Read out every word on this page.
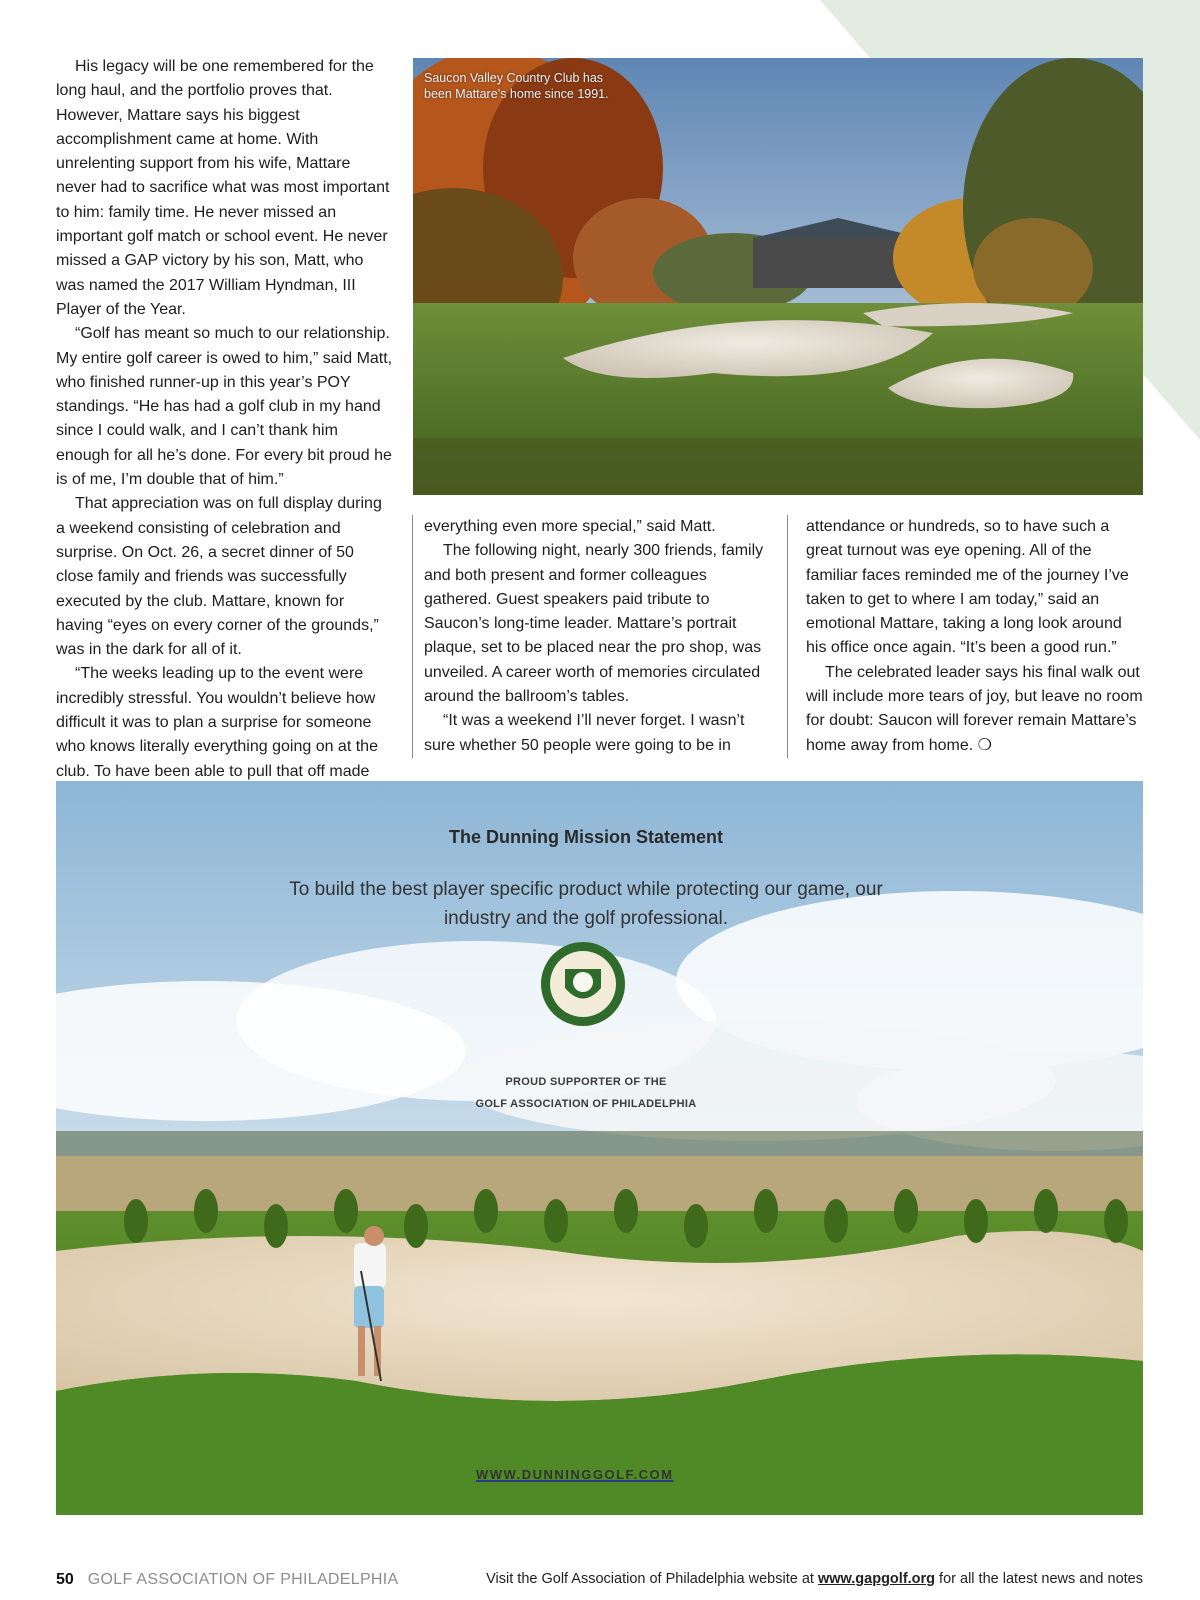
His legacy will be one remembered for the long haul, and the portfolio proves that. However, Mattare says his biggest accomplishment came at home. With unrelenting support from his wife, Mattare never had to sacrifice what was most important to him: family time. He never missed an important golf match or school event. He never missed a GAP victory by his son, Matt, who was named the 2017 William Hyndman, III Player of the Year.

“Golf has meant so much to our relationship. My entire golf career is owed to him,” said Matt, who finished runner-up in this year’s POY standings. “He has had a golf club in my hand since I could walk, and I can’t thank him enough for all he’s done. For every bit proud he is of me, I’m double that of him.”

That appreciation was on full display during a weekend consisting of celebration and surprise. On Oct. 26, a secret dinner of 50 close family and friends was successfully executed by the club. Mattare, known for having “eyes on every corner of the grounds,” was in the dark for all of it.

“The weeks leading up to the event were incredibly stressful. You wouldn’t believe how difficult it was to plan a surprise for someone who knows literally everything going on at the club. To have been able to pull that off made

Saucon Valley Country Club has been Mattare’s home since 1991.

everything even more special,” said Matt.

The following night, nearly 300 friends, family and both present and former colleagues gathered. Guest speakers paid tribute to Saucon’s long-time leader. Mattare’s portrait plaque, set to be placed near the pro shop, was unveiled. A career worth of memories circulated around the ballroom’s tables.

“It was a weekend I’ll never forget. I wasn’t sure whether 50 people were going to be in

attendance or hundreds, so to have such a great turnout was eye opening. All of the familiar faces reminded me of the journey I’ve taken to get to where I am today,” said an emotional Mattare, taking a long look around his office once again. “It’s been a good run.”

The celebrated leader says his final walk out will include more tears of joy, but leave no room for doubt: Saucon will forever remain Mattare’s home away from home. ❍

The Dunning Mission Statement
To build the best player specific product while protecting our game, our industry and the golf professional.
PROUD SUPPORTER OF THE
GOLF ASSOCIATION OF PHILADELPHIA
WWW.DUNNINGGOLF.COM
50 GOLF ASSOCIATION OF PHILADELPHIA	Visit the Golf Association of Philadelphia website at www.gapgolf.org for all the latest news and notes
